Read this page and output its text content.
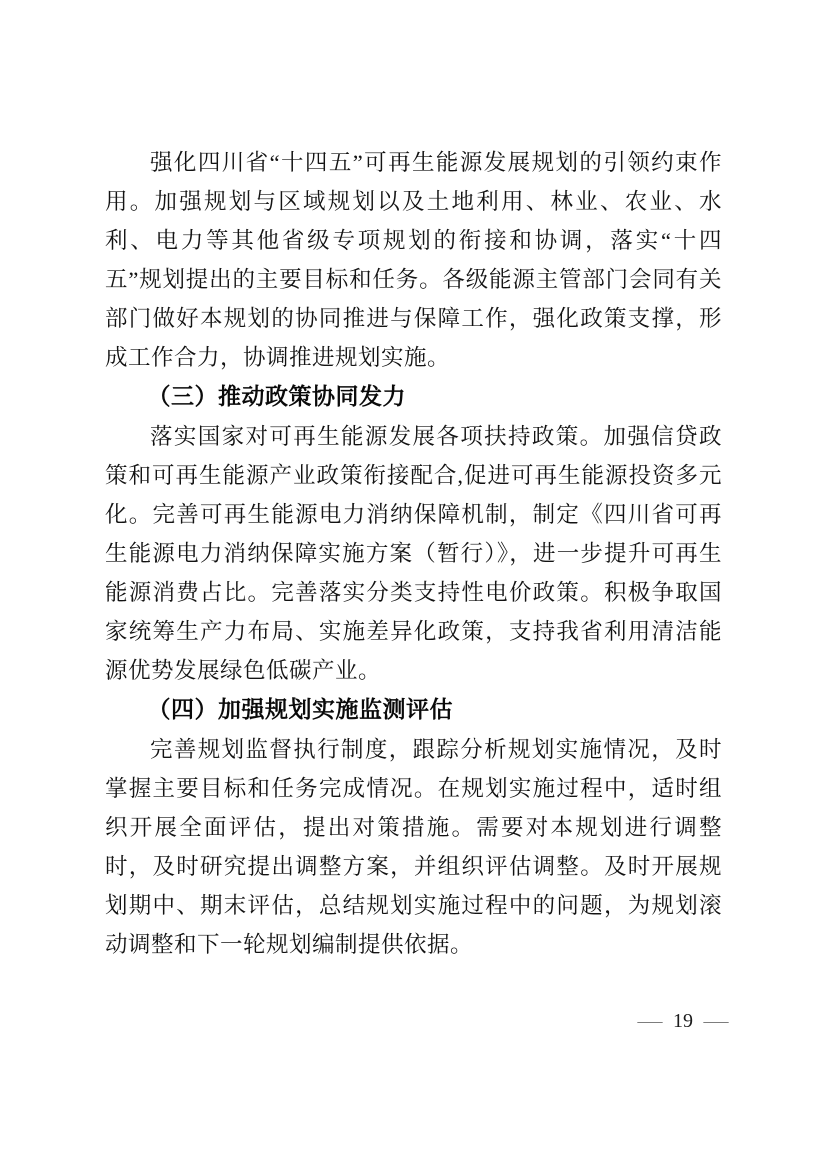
强化四川省“十四五”可再生能源发展规划的引领约束作用。加强规划与区域规划以及土地利用、林业、农业、水利、电力等其他省级专项规划的衔接和协调，落实“十四五”规划提出的主要目标和任务。各级能源主管部门会同有关部门做好本规划的协同推进与保障工作，强化政策支撑，形成工作合力，协调推进规划实施。

（三）推动政策协同发力

落实国家对可再生能源发展各项扶持政策。加强信贷政策和可再生能源产业政策衔接配合,促进可再生能源投资多元化。完善可再生能源电力消纳保障机制，制定《四川省可再生能源电力消纳保障实施方案（暂行）》，进一步提升可再生能源消费占比。完善落实分类支持性电价政策。积极争取国家统筹生产力布局、实施差异化政策，支持我省利用清洁能源优势发展绿色低碳产业。

（四）加强规划实施监测评估

完善规划监督执行制度，跟踪分析规划实施情况，及时掌握主要目标和任务完成情况。在规划实施过程中，适时组织开展全面评估，提出对策措施。需要对本规划进行调整时，及时研究提出调整方案，并组织评估调整。及时开展规划期中、期末评估，总结规划实施过程中的问题，为规划滚动调整和下一轮规划编制提供依据。

— 19 —
